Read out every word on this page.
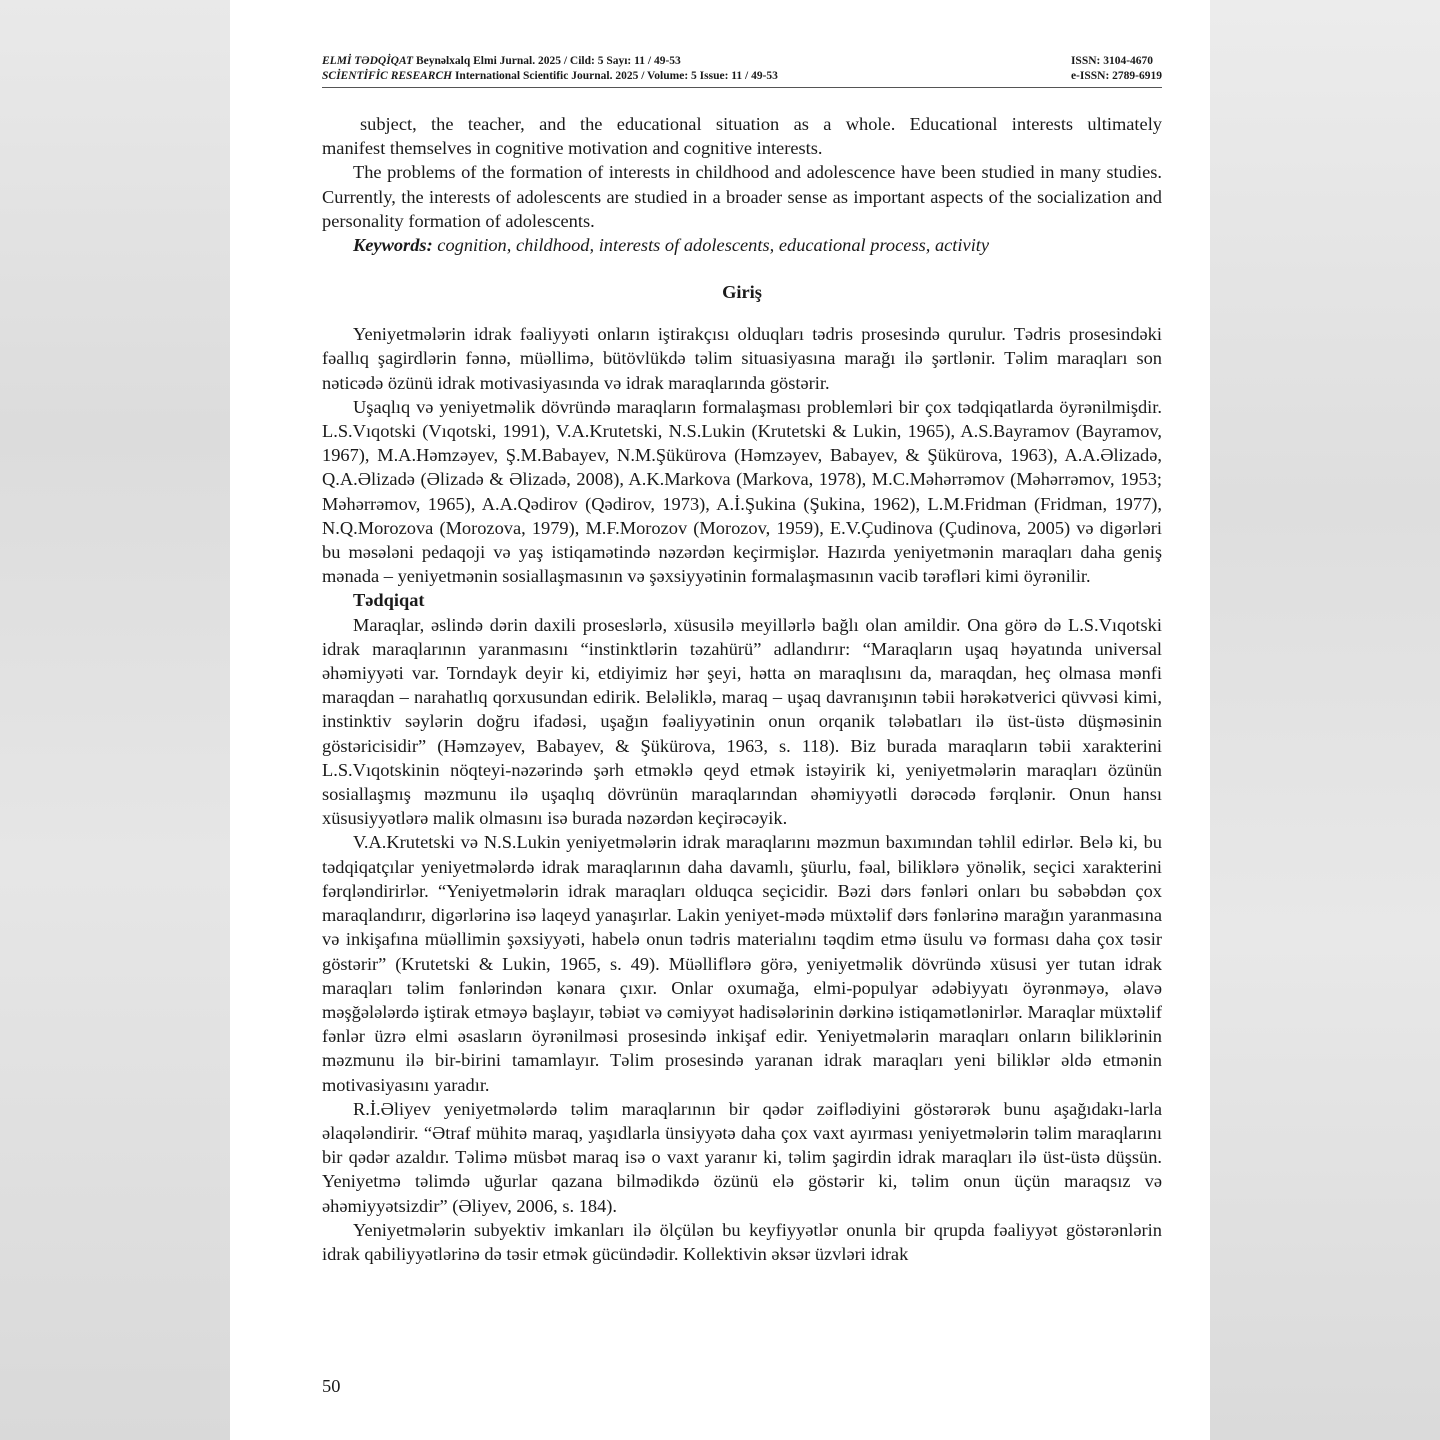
ELMİ TƏDQİQAT Beynəlxalq Elmi Jurnal. 2025 / Cild: 5 Sayı: 11 / 49-53
SCİENTİFİC RESEARCH International Scientific Journal. 2025 / Volume: 5 Issue: 11 / 49-53
ISSN: 3104-4670
e-ISSN: 2789-6919

subject, the teacher, and the educational situation as a whole. Educational interests ultimately

manifest themselves in cognitive motivation and cognitive interests.

The problems of the formation of interests in childhood and adolescence have been studied in many studies. Currently, the interests of adolescents are studied in a broader sense as important aspects of the socialization and personality formation of adolescents.

Keywords: cognition, childhood, interests of adolescents, educational process, activity

Giriş

Yeniyetmələrin idrak fəaliyyəti onların iştirakçısı olduqları tədris prosesində qurulur. Tədris prosesindəki fəallıq şagirdlərin fənnə, müəllimə, bütövlükdə təlim situasiyasına marağı ilə şərtlənir. Təlim maraqları son nəticədə özünü idrak motivasiyasında və idrak maraqlarında göstərir.

Uşaqlıq və yeniyetməlik dövründə maraqların formalaşması problemləri bir çox tədqiqatlarda öyrənilmişdir. L.S.Vıqotski (Vıqotski, 1991), V.A.Krutetski, N.S.Lukin (Krutetski & Lukin, 1965), A.S.Bayramov (Bayramov, 1967), M.A.Həmzəyev, Ş.M.Babayev, N.M.Şükürova (Həmzəyev, Babayev, & Şükürova, 1963), A.A.Əlizadə, Q.A.Əlizadə (Əlizadə & Əlizadə, 2008), A.K.Markova (Markova, 1978), M.C.Məhərrəmov (Məhərrəmov, 1953; Məhərrəmov, 1965), A.A.Qədirov (Qədirov, 1973), A.İ.Şukina (Şukina, 1962), L.M.Fridman (Fridman, 1977), N.Q.Morozova (Morozova, 1979), M.F.Morozov (Morozov, 1959), E.V.Çudinova (Çudinova, 2005) və digərləri bu məsələni pedaqoji və yaş istiqamətində nəzərdən keçirmişlər. Hazırda yeniyetmənin maraqları daha geniş mənada – yeniyetmənin sosiallaşmasının və şəxsiyyətinin formalaşmasının vacib tərəfləri kimi öyrənilir.

Tədqiqat

Maraqlar, əslində dərin daxili proseslərlə, xüsusilə meyillərlə bağlı olan amildir. Ona görə də L.S.Vıqotski idrak maraqlarının yaranmasını “instinktlərin təzahürü” adlandırır: “Maraqların uşaq həyatında universal əhəmiyyəti var. Torndayk deyir ki, etdiyimiz hər şeyi, hətta ən maraqlısını da, maraqdan, heç olmasa mənfi maraqdan – narahatlıq qorxusundan edirik. Beləliklə, maraq – uşaq davranışının təbii hərəkətverici qüvvəsi kimi, instinktiv səylərin doğru ifadəsi, uşağın fəaliyyətinin onun orqanik tələbatları ilə üst-üstə düşməsinin göstəricisidir” (Həmzəyev, Babayev, & Şükürova, 1963, s. 118). Biz burada maraqların təbii xarakterini L.S.Vıqotskinin nöqteyi-nəzərində şərh etməklə qeyd etmək istəyirik ki, yeniyetmələrin maraqları özünün sosiallaşmış məzmunu ilə uşaqlıq dövrünün maraqlarından əhəmiyyətli dərəcədə fərqlənir. Onun hansı xüsusiyyətlərə malik olmasını isə burada nəzərdən keçirəcəyik.

V.A.Krutetski və N.S.Lukin yeniyetmələrin idrak maraqlarını məzmun baxımından təhlil edirlər. Belə ki, bu tədqiqatçılar yeniyetmələrdə idrak maraqlarının daha davamlı, şüurlu, fəal, biliklərə yönəlik, seçici xarakterini fərqləndirirlər. “Yeniyetmələrin idrak maraqları olduqca seçicidir. Bəzi dərs fənləri onları bu səbəbdən çox maraqlandırır, digərlərinə isə laqeyd yanaşırlar. Lakin yeniyet-mədə müxtəlif dərs fənlərinə marağın yaranmasına və inkişafına müəllimin şəxsiyyəti, habelə onun tədris materialını təqdim etmə üsulu və forması daha çox təsir göstərir” (Krutetski & Lukin, 1965, s. 49). Müəlliflərə görə, yeniyetməlik dövründə xüsusi yer tutan idrak maraqları təlim fənlərindən kənara çıxır. Onlar oxumağa, elmi-populyar ədəbiyyatı öyrənməyə, əlavə məşğələlərdə iştirak etməyə başlayır, təbiət və cəmiyyət hadisələrinin dərkinə istiqamətlənirlər. Maraqlar müxtəlif fənlər üzrə elmi əsasların öyrənilməsi prosesində inkişaf edir. Yeniyetmələrin maraqları onların biliklərinin məzmunu ilə bir-birini tamamlayır. Təlim prosesində yaranan idrak maraqları yeni biliklər əldə etmənin motivasiyasını yaradır.

R.İ.Əliyev yeniyetmələrdə təlim maraqlarının bir qədər zəiflədiyini göstərərək bunu aşağıdakı-larla əlaqələndirir. “Ətraf mühitə maraq, yaşıdlarla ünsiyyətə daha çox vaxt ayırması yeniyetmələrin təlim maraqlarını bir qədər azaldır. Təlimə müsbət maraq isə o vaxt yaranır ki, təlim şagirdin idrak maraqları ilə üst-üstə düşsün. Yeniyetmə təlimdə uğurlar qazana bilmədikdə özünü elə göstərir ki, təlim onun üçün maraqsız və əhəmiyyətsizdir” (Əliyev, 2006, s. 184).

Yeniyetmələrin subyektiv imkanları ilə ölçülən bu keyfiyyətlər onunla bir qrupda fəaliyyət göstərənlərin idrak qabiliyyətlərinə də təsir etmək gücündədir. Kollektivin əksər üzvləri idrak

50
